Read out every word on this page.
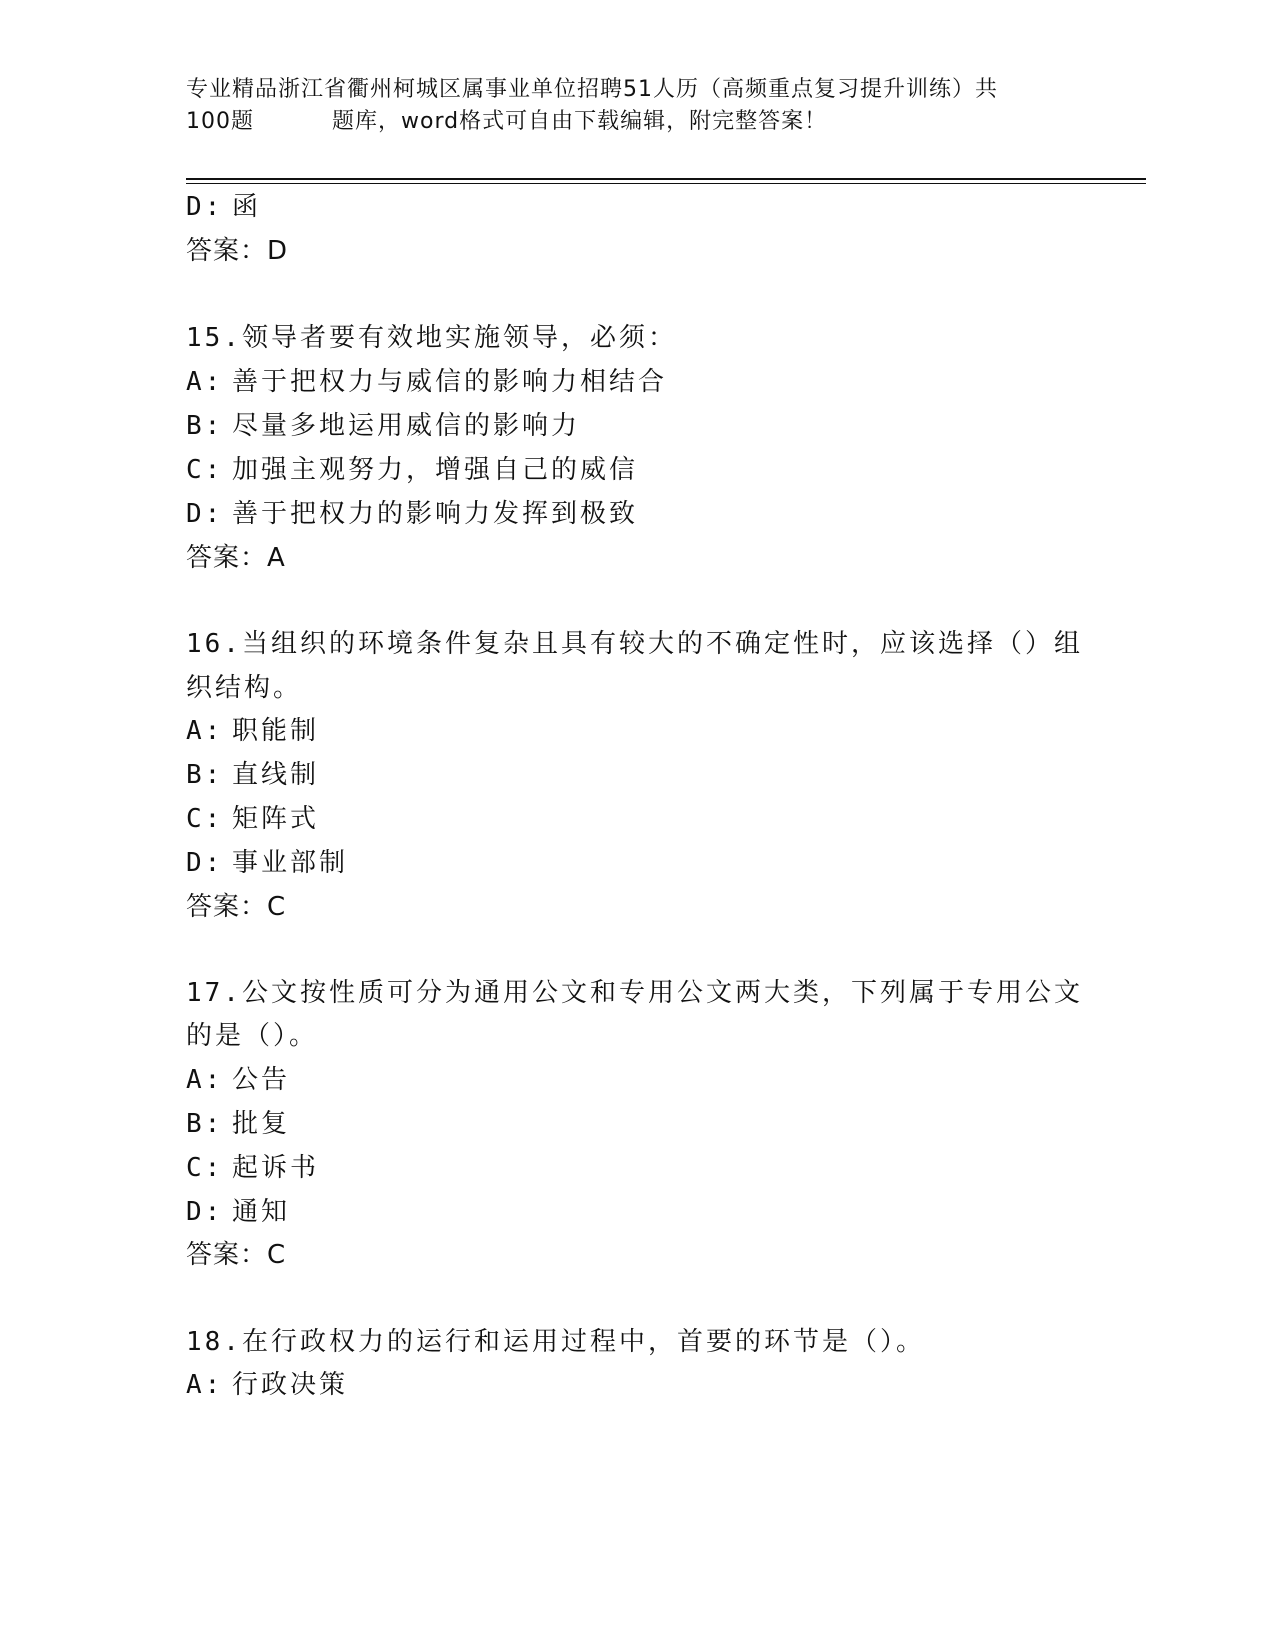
专业精品浙江省衢州柯城区属事业单位招聘51人历（高频重点复习提升训练）共
100题	题库，word格式可自由下载编辑，附完整答案！
D: 函
答案：D
15.领导者要有效地实施领导，必须：
A: 善于把权力与威信的影响力相结合
B: 尽量多地运用威信的影响力
C: 加强主观努力，增强自己的威信
D: 善于把权力的影响力发挥到极致
答案：A
16.当组织的环境条件复杂且具有较大的不确定性时，应该选择（）组
织结构。
A: 职能制
B: 直线制
C: 矩阵式
D: 事业部制
答案：C
17.公文按性质可分为通用公文和专用公文两大类，下列属于专用公文
的是（）。
A: 公告
B: 批复
C: 起诉书
D: 通知
答案：C
18.在行政权力的运行和运用过程中，首要的环节是（）。
A: 行政决策
